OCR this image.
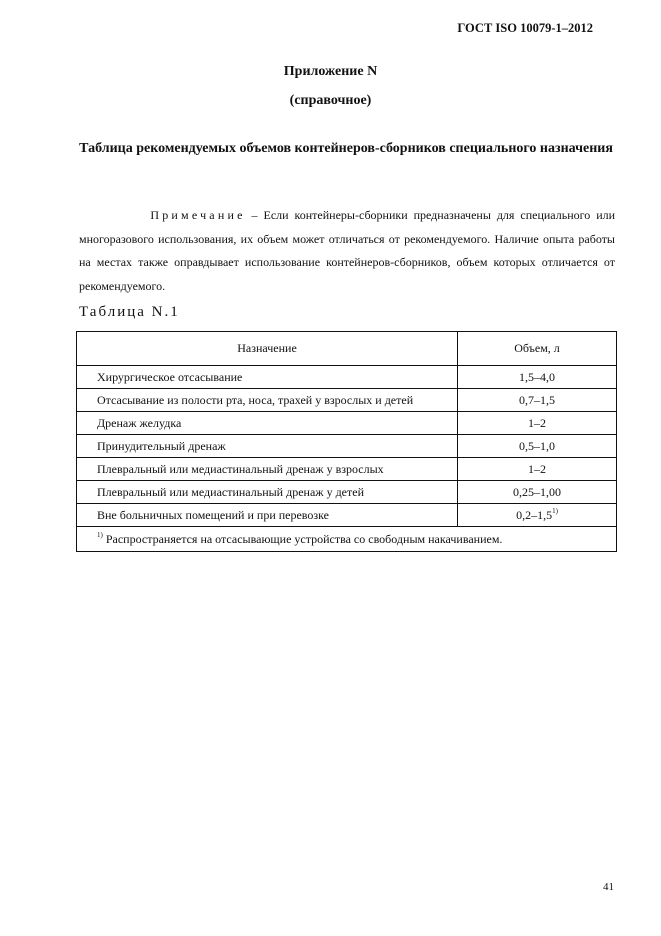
ГОСТ ISO 10079-1–2012
Приложение N
(справочное)
Таблица рекомендуемых объемов контейнеров-сборников специального назначения
Примечание – Если контейнеры-сборники предназначены для специального или многоразового использования, их объем может отличаться от рекомендуемого. Наличие опыта работы на местах также оправдывает использование контейнеров-сборников, объем которых отличается от рекомендуемого.
Таблица N.1
Назначение	Объем, л
Хирургическое отсасывание	1,5–4,0
Отсасывание из полости рта, носа, трахей у взрослых и детей	0,7–1,5
Дренаж желудка	1–2
Принудительный дренаж	0,5–1,0
Плевральный или медиастинальный дренаж у взрослых	1–2
Плевральный или медиастинальный дренаж у детей	0,25–1,00
Вне больничных помещений и при перевозке	0,2–1,5$^{1)}$
$^{1)}$ Распространяется на отсасывающие устройства со свободным накачиванием.	
41
